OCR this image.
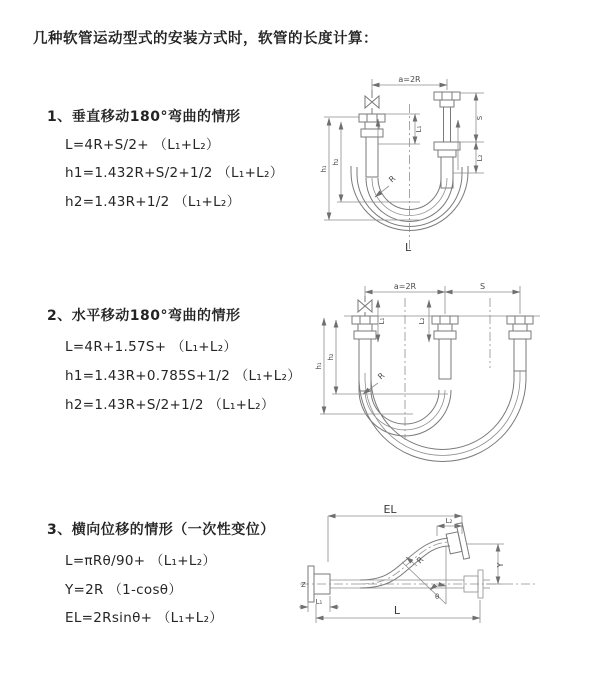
几种软管运动型式的安装方式时，软管的长度计算：
1、垂直移动180°弯曲的情形
L=4R+S/2+ （L₁+L₂）
h1=1.432R+S/2+1/2 （L₁+L₂）
h2=1.43R+1/2 （L₁+L₂）
2、水平移动180°弯曲的情形
L=4R+1.57S+ （L₁+L₂）
h1=1.43R+0.785S+1/2 （L₁+L₂）
h2=1.43R+S/2+1/2 （L₁+L₂）
3、横向位移的情形（一次性变位）
L=πRθ/90+ （L₁+L₂）
Y=2R （1-cosθ）
EL=2Rsinθ+ （L₁+L₂）
a=2R
h₁
h₂
L₁
S
L₂
R
L
a=2R	S
h₁
h₂
L₁	L₂
R
Z
EL
L₂
Y
R
θ
L₁
L
